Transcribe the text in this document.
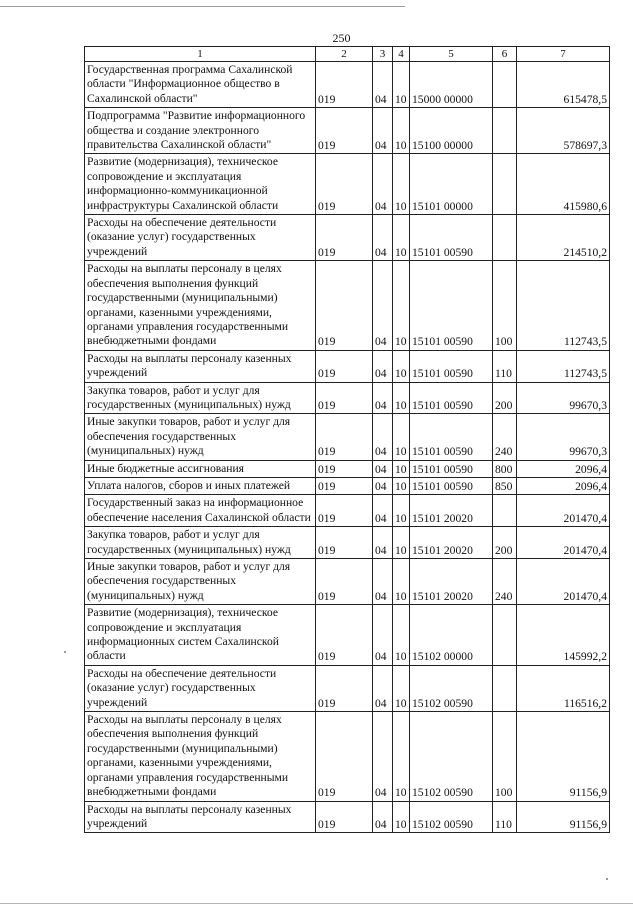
250
1	2	3	4	5	6	7
Государственная программа Сахалинской области "Информационное общество в Сахалинской области"	019	04	10	15000 00000		615478,5
Подпрограмма "Развитие информационного общества и создание электронного правительства Сахалинской области"	019	04	10	15100 00000		578697,3
Развитие (модернизация), техническое сопровождение и эксплуатация информационно-коммуникационной инфраструктуры Сахалинской области	019	04	10	15101 00000		415980,6
Расходы на обеспечение деятельности (оказание услуг) государственных учреждений	019	04	10	15101 00590		214510,2
Расходы на выплаты персоналу в целях обеспечения выполнения функций государственными (муниципальными) органами, казенными учреждениями, органами управления государственными внебюджетными фондами	019	04	10	15101 00590	100	112743,5
Расходы на выплаты персоналу казенных учреждений	019	04	10	15101 00590	110	112743,5
Закупка товаров, работ и услуг для государственных (муниципальных) нужд	019	04	10	15101 00590	200	99670,3
Иные закупки товаров, работ и услуг для обеспечения государственных (муниципальных) нужд	019	04	10	15101 00590	240	99670,3
Иные бюджетные ассигнования	019	04	10	15101 00590	800	2096,4
Уплата налогов, сборов и иных платежей	019	04	10	15101 00590	850	2096,4
Государственный заказ на информационное обеспечение населения Сахалинской области	019	04	10	15101 20020		201470,4
Закупка товаров, работ и услуг для государственных (муниципальных) нужд	019	04	10	15101 20020	200	201470,4
Иные закупки товаров, работ и услуг для обеспечения государственных (муниципальных) нужд	019	04	10	15101 20020	240	201470,4
Развитие (модернизация), техническое сопровождение и эксплуатация информационных систем Сахалинской области	019	04	10	15102 00000		145992,2
Расходы на обеспечение деятельности (оказание услуг) государственных учреждений	019	04	10	15102 00590		116516,2
Расходы на выплаты персоналу в целях обеспечения выполнения функций государственными (муниципальными) органами, казенными учреждениями, органами управления государственными внебюджетными фондами	019	04	10	15102 00590	100	91156,9
Расходы на выплаты персоналу казенных учреждений	019	04	10	15102 00590	110	91156,9
